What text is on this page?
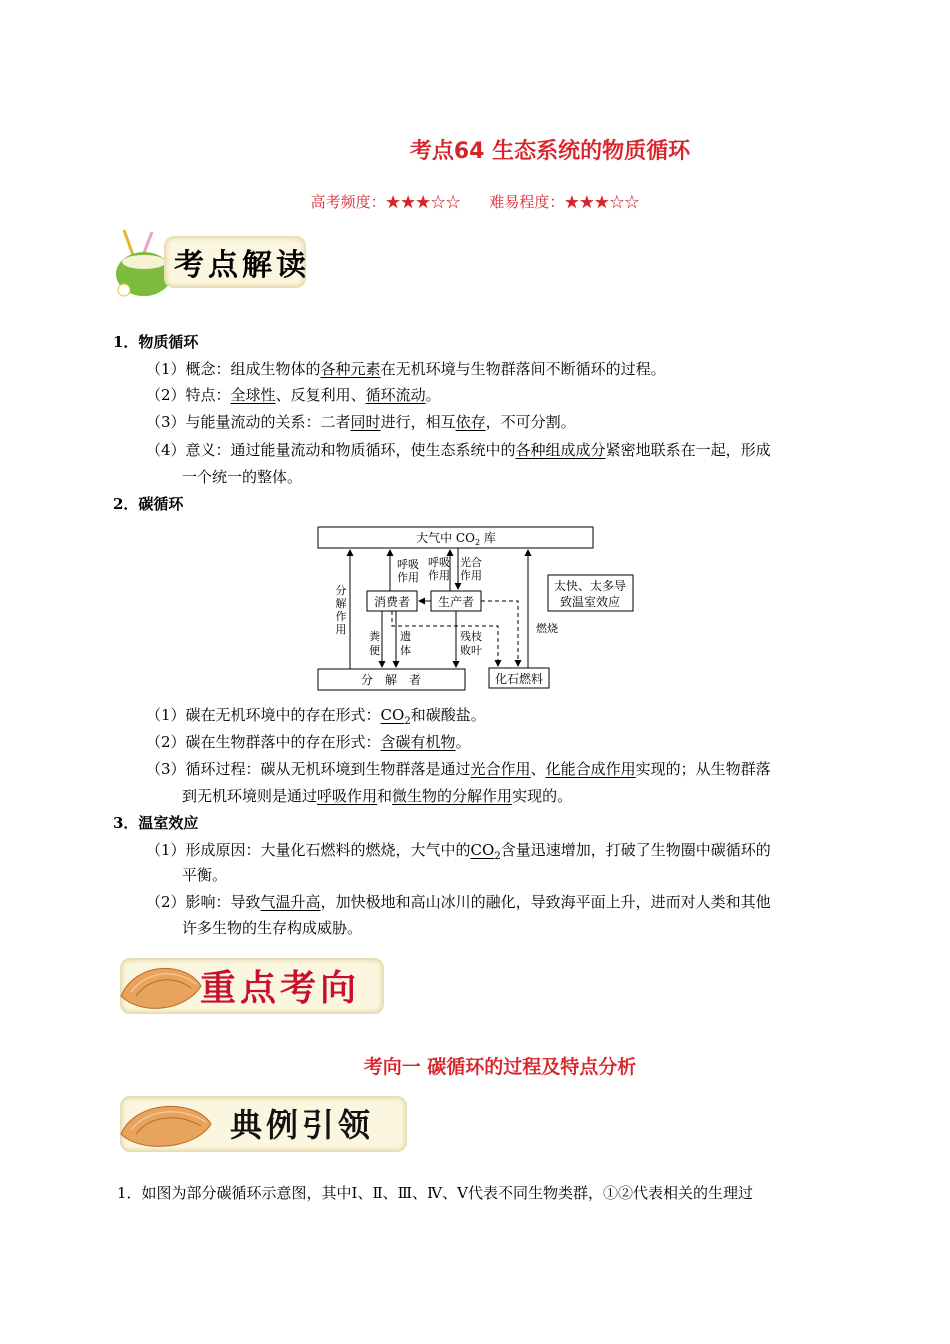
考点64 生态系统的物质循环
高考频度：★★★☆☆ 难易程度：★★★☆☆
考点解读
1．物质循环
（1）概念：组成生物体的各种元素在无机环境与生物群落间不断循环的过程。
（2）特点：全球性、反复利用、循环流动。
（3）与能量流动的关系：二者同时进行，相互依存，不可分割。
（4）意义：通过能量流动和物质循环，使生态系统中的各种组成成分紧密地联系在一起，形成
一个统一的整体。
2．碳循环
大气中 $CO_2$ 库
消费者 生产者
分　解　者	化石燃料
太快、太多导
致温室效应
分
解
作
用
呼吸
作用
呼吸
作用
光合
作用
粪
便
遗
体
残枝
败叶
燃烧
（1）碳在无机环境中的存在形式：$CO_2$和碳酸盐。
（2）碳在生物群落中的存在形式：含碳有机物。
（3）循环过程：碳从无机环境到生物群落是通过光合作用、化能合成作用实现的；从生物群落
到无机环境则是通过呼吸作用和微生物的分解作用实现的。
3．温室效应
（1）形成原因：大量化石燃料的燃烧，大气中的$CO_2$含量迅速增加，打破了生物圈中碳循环的
平衡。
（2）影响：导致气温升高，加快极地和高山冰川的融化，导致海平面上升，进而对人类和其他
许多生物的生存构成威胁。
重点考向
考向一 碳循环的过程及特点分析
典例引领
1．如图为部分碳循环示意图，其中Ⅰ、Ⅱ、Ⅲ、Ⅳ、Ⅴ代表不同生物类群，①②代表相关的生理过
